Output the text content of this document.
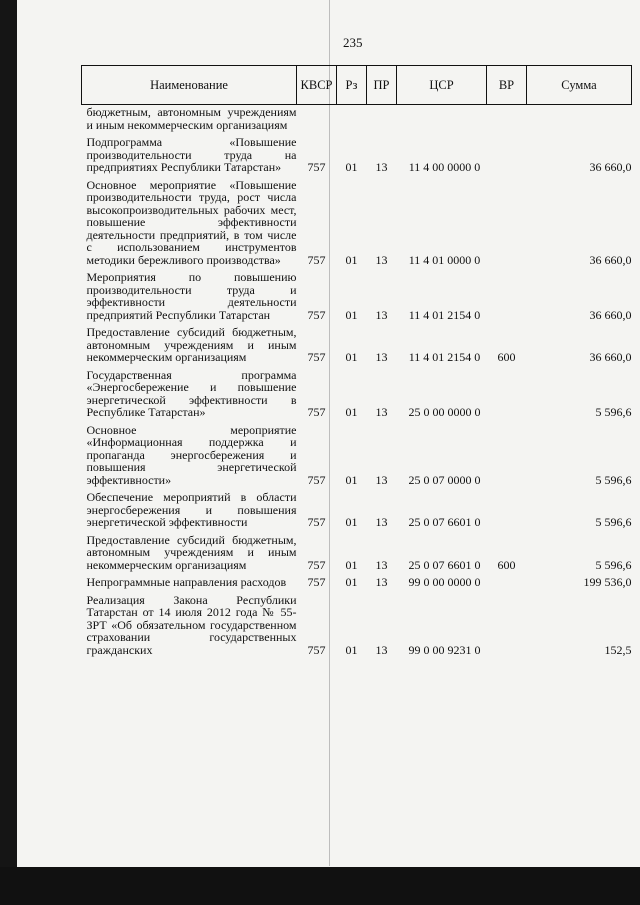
235
Наименование	КВСР	Рз	ПР	ЦСР	ВР	Сумма
бюджетным, автономным учреждениям и иным некоммерческим организациям						
Подпрограмма «Повышение производительности труда на предприятиях Республики Татарстан»	757	01	13	11 4 00 0000 0		36 660,0
Основное мероприятие «Повышение производительности труда, рост числа высокопроизводительных рабочих мест, повышение эффективности деятельности предприятий, в том числе с использованием инструментов методики бережливого производства»	757	01	13	11 4 01 0000 0		36 660,0
Мероприятия по повышению производительности труда и эффективности деятельности предприятий Республики Татарстан	757	01	13	11 4 01 2154 0		36 660,0
Предоставление субсидий бюджетным, автономным учреждениям и иным некоммерческим организациям	757	01	13	11 4 01 2154 0	600	36 660,0
Государственная программа «Энергосбережение и повышение энергетической эффективности в Республике Татарстан»	757	01	13	25 0 00 0000 0		5 596,6
Основное мероприятие «Информационная поддержка и пропаганда энергосбережения и повышения энергетической эффективности»	757	01	13	25 0 07 0000 0		5 596,6
Обеспечение мероприятий в области энергосбережения и повышения энергетической эффективности	757	01	13	25 0 07 6601 0		5 596,6
Предоставление субсидий бюджетным, автономным учреждениям и иным некоммерческим организациям	757	01	13	25 0 07 6601 0	600	5 596,6
Непрограммные направления расходов	757	01	13	99 0 00 0000 0		199 536,0
Реализация Закона Республики Татарстан от 14 июля 2012 года № 55-ЗРТ «Об обязательном государственном страховании государственных гражданских	757	01	13	99 0 00 9231 0		152,5
